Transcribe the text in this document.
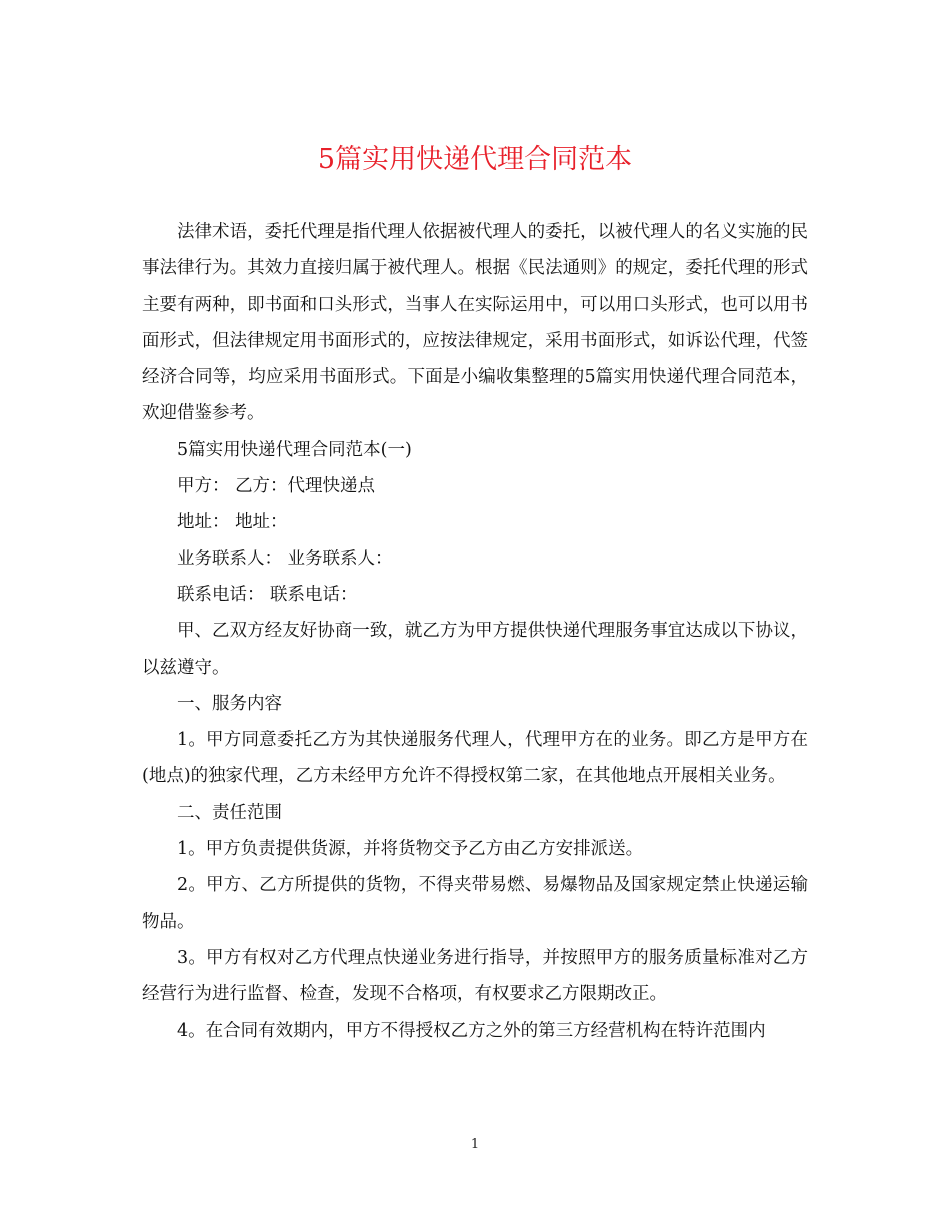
5篇实用快递代理合同范本

法律术语，委托代理是指代理人依据被代理人的委托，以被代理人的名义实施的民事法律行为。其效力直接归属于被代理人。根据《民法通则》的规定，委托代理的形式主要有两种，即书面和口头形式，当事人在实际运用中，可以用口头形式，也可以用书面形式，但法律规定用书面形式的，应按法律规定，采用书面形式，如诉讼代理，代签经济合同等，均应采用书面形式。下面是小编收集整理的5篇实用快递代理合同范本，欢迎借鉴参考。

5篇实用快递代理合同范本(一)

甲方： 乙方：代理快递点

地址： 地址：

业务联系人： 业务联系人：

联系电话： 联系电话：

甲、乙双方经友好协商一致，就乙方为甲方提供快递代理服务事宜达成以下协议，以兹遵守。

一、服务内容

1。甲方同意委托乙方为其快递服务代理人，代理甲方在的业务。即乙方是甲方在(地点)的独家代理，乙方未经甲方允许不得授权第二家，在其他地点开展相关业务。

二、责任范围

1。甲方负责提供货源，并将货物交予乙方由乙方安排派送。

2。甲方、乙方所提供的货物，不得夹带易燃、易爆物品及国家规定禁止快递运输物品。

3。甲方有权对乙方代理点快递业务进行指导，并按照甲方的服务质量标准对乙方经营行为进行监督、检查，发现不合格项，有权要求乙方限期改正。

4。在合同有效期内，甲方不得授权乙方之外的第三方经营机构在特许范围内

1
